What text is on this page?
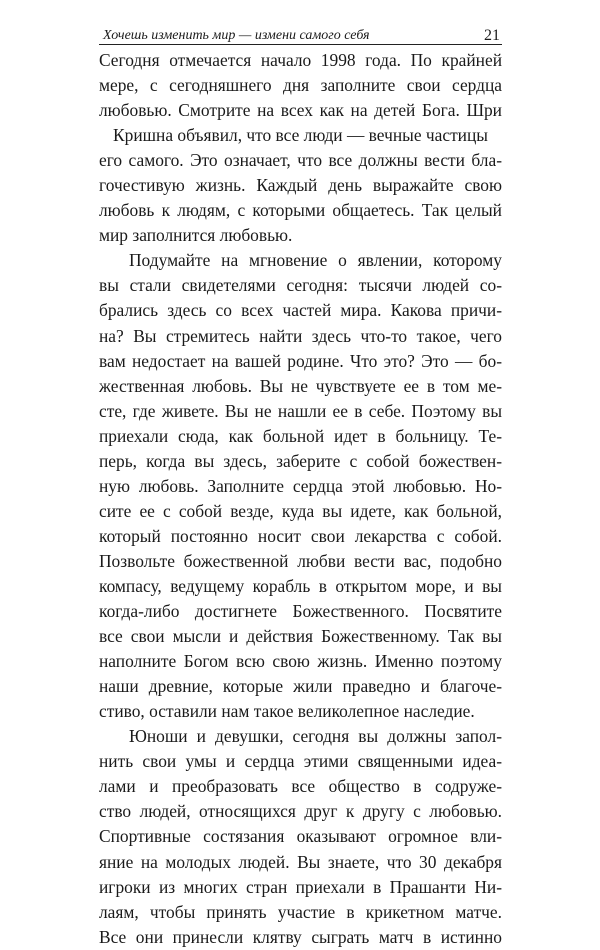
Хочешь изменить мир — измени самого себя	21
Сегодня отмечается начало 1998 года. По крайней
мере, с сегодняшнего дня заполните свои сердца
любовью. Смотрите на всех как на детей Бога. Шри
Кришна объявил, что все люди — вечные частицы
его самого. Это означает, что все должны вести бла-
гочестивую жизнь. Каждый день выражайте свою
любовь к людям, с которыми общаетесь. Так целый
мир заполнится любовью.
Подумайте на мгновение о явлении, которому
вы стали свидетелями сегодня: тысячи людей со-
брались здесь со всех частей мира. Какова причи-
на? Вы стремитесь найти здесь что-то такое, чего
вам недостает на вашей родине. Что это? Это — бо-
жественная любовь. Вы не чувствуете ее в том ме-
сте, где живете. Вы не нашли ее в себе. Поэтому вы
приехали сюда, как больной идет в больницу. Те-
перь, когда вы здесь, заберите с собой божествен-
ную любовь. Заполните сердца этой любовью. Но-
сите ее с собой везде, куда вы идете, как больной,
который постоянно носит свои лекарства с собой.
Позвольте божественной любви вести вас, подобно
компасу, ведущему корабль в открытом море, и вы
когда-либо достигнете Божественного. Посвятите
все свои мысли и действия Божественному. Так вы
наполните Богом всю свою жизнь. Именно поэтому
наши древние, которые жили праведно и благоче-
стиво, оставили нам такое великолепное наследие.
Юноши и девушки, сегодня вы должны запол-
нить свои умы и сердца этими священными идеа-
лами и преобразовать все общество в содруже-
ство людей, относящихся друг к другу с любовью.
Спортивные состязания оказывают огромное вли-
яние на молодых людей. Вы знаете, что 30 декабря
игроки из многих стран приехали в Прашанти Ни-
лаям, чтобы принять участие в крикетном матче.
Все они принесли клятву сыграть матч в истинно
